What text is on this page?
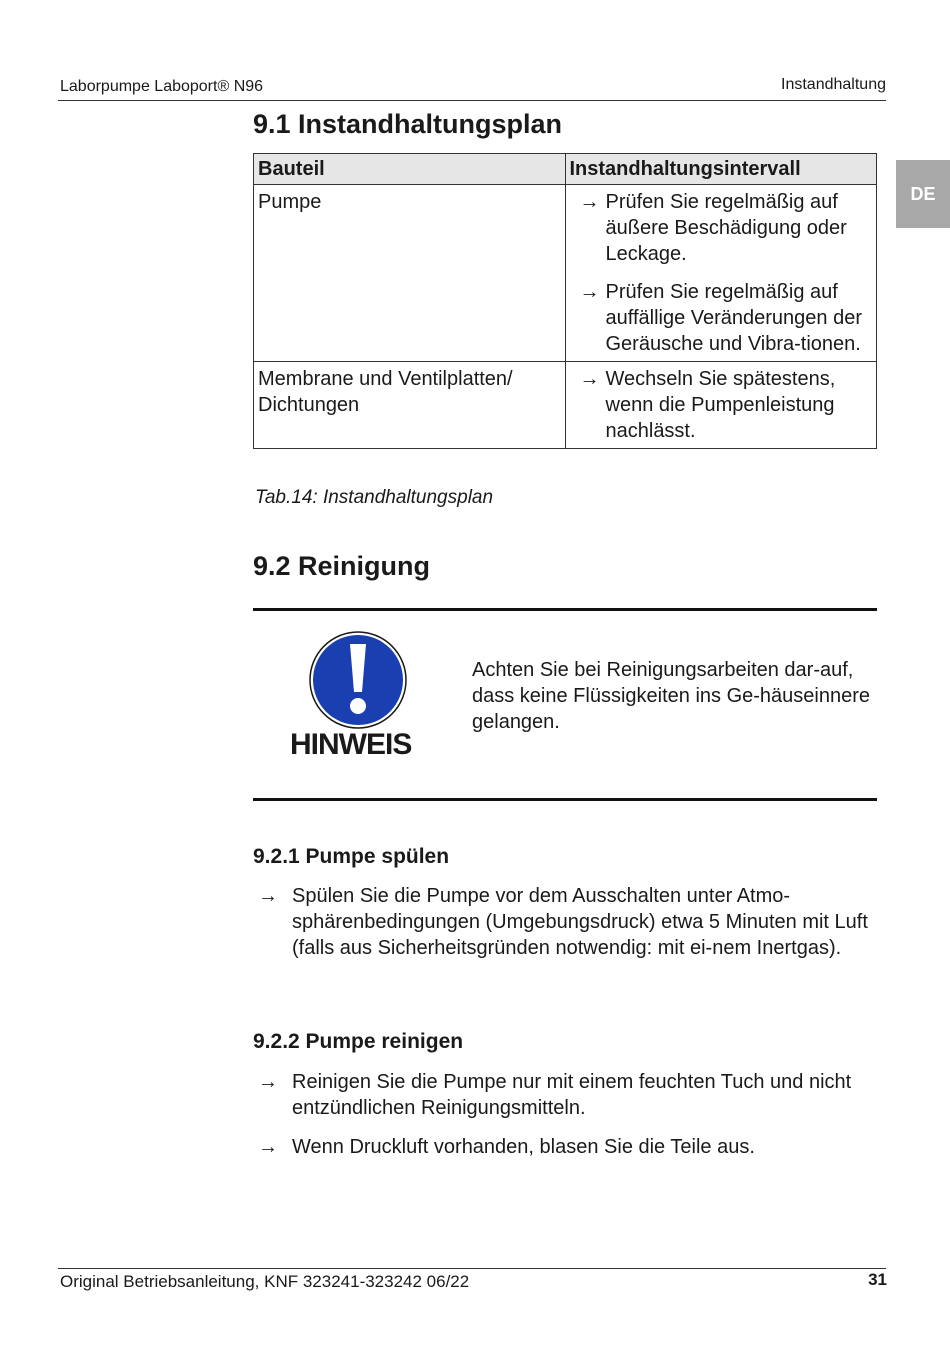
Laborpumpe Laboport® N96	Instandhaltung
DE
9.1 Instandhaltungsplan
Bauteil	Instandhaltungsintervall
Pumpe	→ Prüfen Sie regelmäßig auf äußere Beschädigung oder Leckage.
→ Prüfen Sie regelmäßig auf auffällige Veränderungen der Geräusche und Vibra-tionen.

Membrane und Ventilplatten/ Dichtungen	→ Wechseln Sie spätestens, wenn die Pumpenleistung nachlässt.
Tab.14: Instandhaltungsplan
9.2 Reinigung
HINWEIS
Achten Sie bei Reinigungsarbeiten dar-auf, dass keine Flüssigkeiten ins Ge-häuseinnere gelangen.
9.2.1 Pumpe spülen
→ Spülen Sie die Pumpe vor dem Ausschalten unter Atmo-sphärenbedingungen (Umgebungsdruck) etwa 5 Minuten mit Luft (falls aus Sicherheitsgründen notwendig: mit ei-nem Inertgas).
9.2.2 Pumpe reinigen
→ Reinigen Sie die Pumpe nur mit einem feuchten Tuch und nicht entzündlichen Reinigungsmitteln.
→ Wenn Druckluft vorhanden, blasen Sie die Teile aus.
Original Betriebsanleitung, KNF 323241-323242 06/22	31
